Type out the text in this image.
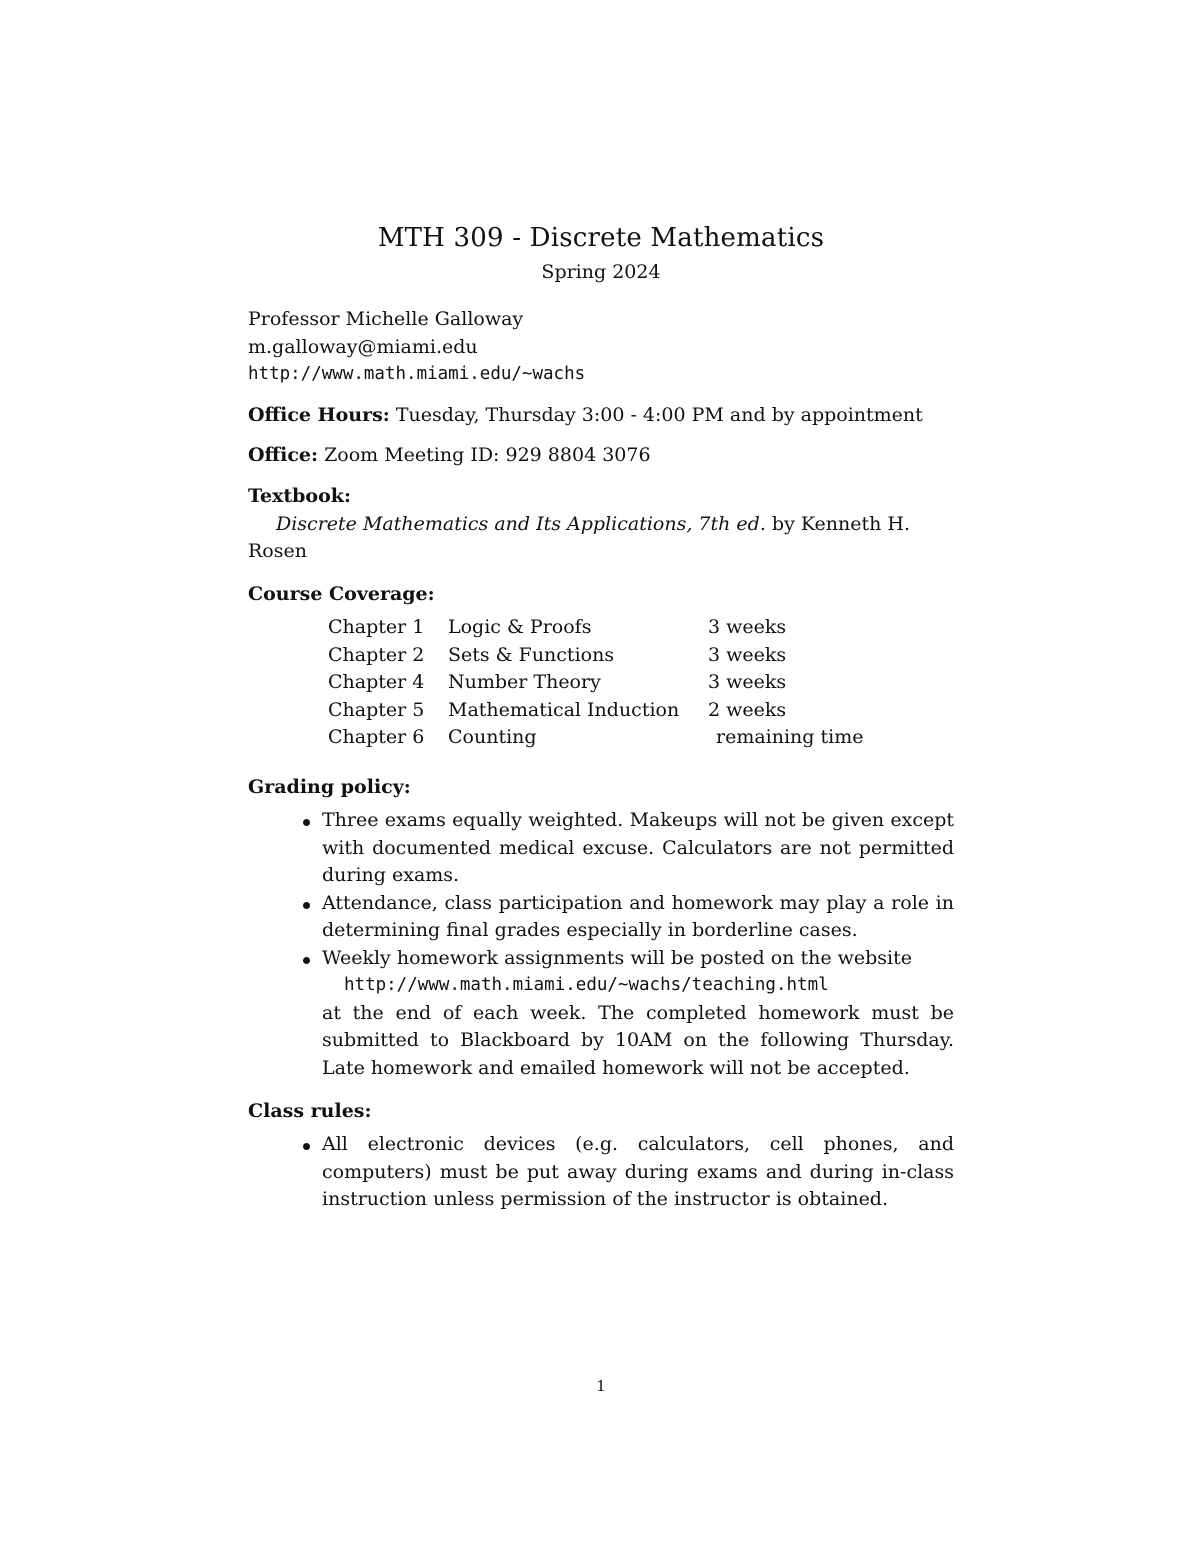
MTH 309 - Discrete Mathematics
Spring 2024
Professor Michelle Galloway
m.galloway@miami.edu
http://www.math.miami.edu/~wachs
Office Hours: Tuesday, Thursday 3:00 - 4:00 PM and by appointment
Office: Zoom Meeting ID: 929 8804 3076
Textbook:
Discrete Mathematics and Its Applications, 7th ed. by Kenneth H.
Rosen
Course Coverage:
Chapter 1	Logic & Proofs	3 weeks
Chapter 2	Sets & Functions	3 weeks
Chapter 4	Number Theory	3 weeks
Chapter 5	Mathematical Induction	2 weeks
Chapter 6	Counting	remaining time
Grading policy:
Three exams equally weighted. Makeups will not be given except with documented medical excuse. Calculators are not permitted during exams.
Attendance, class participation and homework may play a role in determining final grades especially in borderline cases.
Weekly homework assignments will be posted on the website
http://www.math.miami.edu/~wachs/teaching.html
at the end of each week. The completed homework must be submitted to Blackboard by 10AM on the following Thursday. Late homework and emailed homework will not be accepted.
Class rules:
All electronic devices (e.g. calculators, cell phones, and computers) must be put away during exams and during in-class instruction unless permission of the instructor is obtained.
1
